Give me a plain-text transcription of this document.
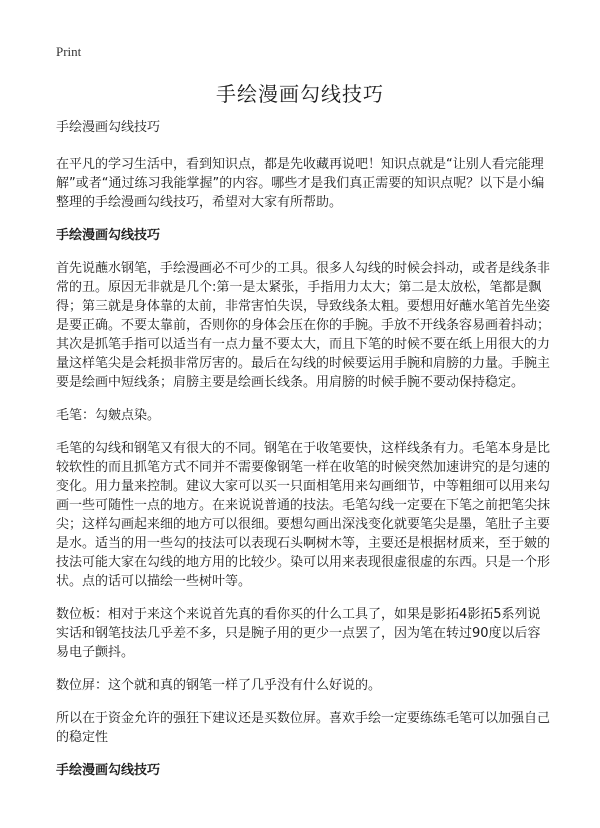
Print
手绘漫画勾线技巧

手绘漫画勾线技巧

在平凡的学习生活中，看到知识点，都是先收藏再说吧！知识点就是“让别人看完能理解”或者“通过练习我能掌握”的内容。哪些才是我们真正需要的知识点呢？以下是小编整理的手绘漫画勾线技巧，希望对大家有所帮助。

手绘漫画勾线技巧

首先说蘸水钢笔，手绘漫画必不可少的工具。很多人勾线的时候会抖动，或者是线条非常的丑。原因无非就是几个:第一是太紧张，手指用力太大；第二是太放松，笔都是飘得；第三就是身体靠的太前，非常害怕失误，导致线条太粗。要想用好蘸水笔首先坐姿是要正确。不要太靠前，否则你的身体会压在你的手腕。手放不开线条容易画着抖动；其次是抓笔手指可以适当有一点力量不要太大，而且下笔的时候不要在纸上用很大的力量这样笔尖是会耗损非常厉害的。最后在勾线的时候要运用手腕和肩膀的力量。手腕主要是绘画中短线条；肩膀主要是绘画长线条。用肩膀的时候手腕不要动保持稳定。

毛笔：勾皴点染。

毛笔的勾线和钢笔又有很大的不同。钢笔在于收笔要快，这样线条有力。毛笔本身是比较软性的而且抓笔方式不同并不需要像钢笔一样在收笔的时候突然加速讲究的是匀速的变化。用力量来控制。建议大家可以买一只面相笔用来勾画细节，中等粗细可以用来勾画一些可随性一点的地方。在来说说普通的技法。毛笔勾线一定要在下笔之前把笔尖抹尖；这样勾画起来细的地方可以很细。要想勾画出深浅变化就要笔尖是墨，笔肚子主要是水。适当的用一些勾的技法可以表现石头啊树木等，主要还是根据材质来，至于皴的技法可能大家在勾线的地方用的比较少。染可以用来表现很虚很虚的东西。只是一个形状。点的话可以描绘一些树叶等。

数位板：相对于来这个来说首先真的看你买的什么工具了，如果是影拓4影拓5系列说实话和钢笔技法几乎差不多，只是腕子用的更少一点罢了，因为笔在转过90度以后容易电子颤抖。

数位屏：这个就和真的钢笔一样了几乎没有什么好说的。

所以在于资金允许的强狂下建议还是买数位屏。喜欢手绘一定要练练毛笔可以加强自己的稳定性

手绘漫画勾线技巧
